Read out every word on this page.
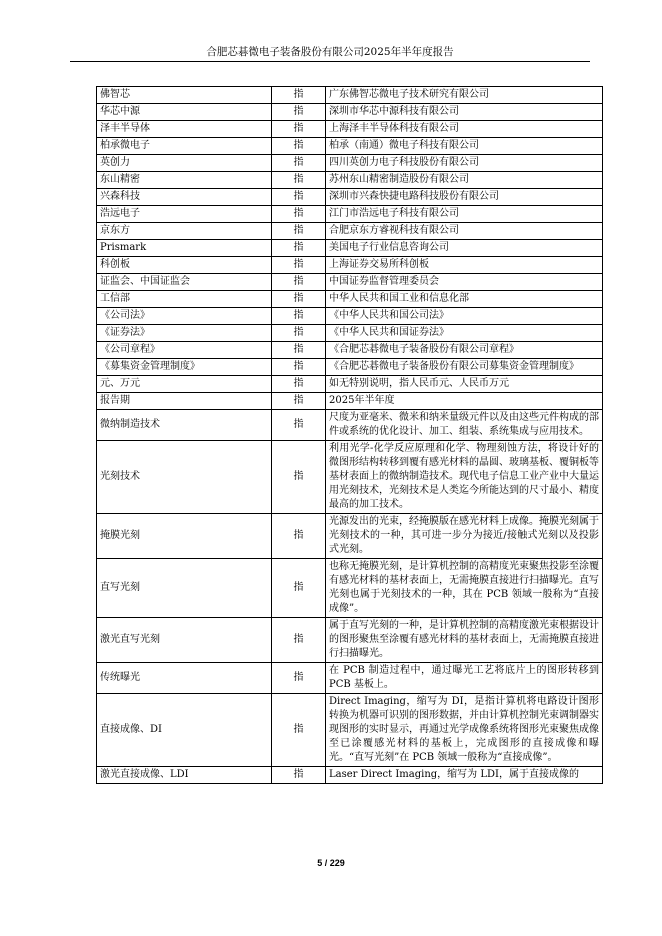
合肥芯碁微电子装备股份有限公司2025年半年度报告
佛智芯	指	广东佛智芯微电子技术研究有限公司
华芯中源	指	深圳市华芯中源科技有限公司
泽丰半导体	指	上海泽丰半导体科技有限公司
柏承微电子	指	柏承（南通）微电子科技有限公司
英创力	指	四川英创力电子科技股份有限公司
东山精密	指	苏州东山精密制造股份有限公司
兴森科技	指	深圳市兴森快捷电路科技股份有限公司
浩远电子	指	江门市浩远电子科技有限公司
京东方	指	合肥京东方睿视科技有限公司
Prismark	指	美国电子行业信息咨询公司
科创板	指	上海证券交易所科创板
证监会、中国证监会	指	中国证券监督管理委员会
工信部	指	中华人民共和国工业和信息化部
《公司法》	指	《中华人民共和国公司法》
《证券法》	指	《中华人民共和国证券法》
《公司章程》	指	《合肥芯碁微电子装备股份有限公司章程》
《募集资金管理制度》	指	《合肥芯碁微电子装备股份有限公司募集资金管理制度》
元、万元	指	如无特别说明，指人民币元、人民币万元
报告期	指	2025年半年度
微纳制造技术	指	尺度为亚毫米、微米和纳米量级元件以及由这些元件构成的部件或系统的优化设计、加工、组装、系统集成与应用技术。
光刻技术	指	利用光学-化学反应原理和化学、物理刻蚀方法，将设计好的微图形结构转移到覆有感光材料的晶圆、玻璃基板、覆铜板等基材表面上的微纳制造技术。现代电子信息工业产业中大量运用光刻技术，光刻技术是人类迄今所能达到的尺寸最小、精度最高的加工技术。
掩膜光刻	指	光源发出的光束，经掩膜版在感光材料上成像。掩膜光刻属于光刻技术的一种，其可进一步分为接近/接触式光刻以及投影式光刻。
直写光刻	指	也称无掩膜光刻，是计算机控制的高精度光束聚焦投影至涂覆有感光材料的基材表面上，无需掩膜直接进行扫描曝光。直写光刻也属于光刻技术的一种，其在 PCB 领域一般称为“直接成像”。
激光直写光刻	指	属于直写光刻的一种，是计算机控制的高精度激光束根据设计的图形聚焦至涂覆有感光材料的基材表面上，无需掩膜直接进行扫描曝光。
传统曝光	指	在 PCB 制造过程中，通过曝光工艺将底片上的图形转移到 PCB 基板上。
直接成像、DI	指	Direct Imaging，缩写为 DI，是指计算机将电路设计图形转换为机器可识别的图形数据，并由计算机控制光束调制器实现图形的实时显示，再通过光学成像系统将图形光束聚焦成像至已涂覆感光材料的基板上，完成图形的直接成像和曝光。“直写光刻”在 PCB 领域一般称为“直接成像”。
激光直接成像、LDI	指	Laser Direct Imaging，缩写为 LDI，属于直接成像的
5 / 229
